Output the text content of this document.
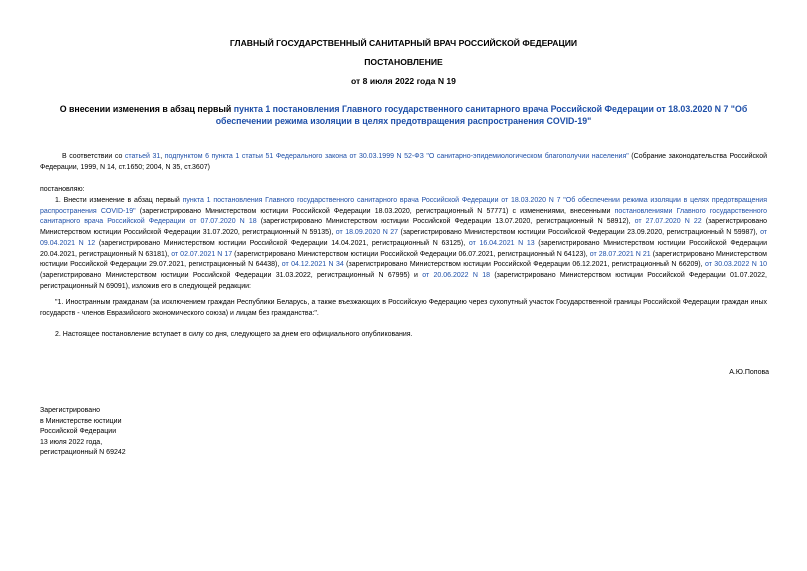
ГЛАВНЫЙ ГОСУДАРСТВЕННЫЙ САНИТАРНЫЙ ВРАЧ РОССИЙСКОЙ ФЕДЕРАЦИИ
ПОСТАНОВЛЕНИЕ
от 8 июля 2022 года N 19
О внесении изменения в абзац первый пункта 1 постановления Главного государственного санитарного врача Российской Федерации от 18.03.2020 N 7 "Об обеспечении режима изоляции в целях предотвращения распространения COVID-19"
В соответствии со статьей 31, подпунктом 6 пункта 1 статьи 51 Федерального закона от 30.03.1999 N 52-ФЗ "О санитарно-эпидемиологическом благополучии населения" (Собрание законодательства Российской Федерации, 1999, N 14, ст.1650; 2004, N 35, ст.3607)
постановляю:
1. Внести изменение в абзац первый пункта 1 постановления Главного государственного санитарного врача Российской Федерации от 18.03.2020 N 7 "Об обеспечении режима изоляции в целях предотвращения распространения COVID-19" (зарегистрировано Министерством юстиции Российской Федерации 18.03.2020, регистрационный N 57771) с изменениями, внесенными постановлениями Главного государственного санитарного врача Российской Федерации от 07.07.2020 N 18 (зарегистрировано Министерством юстиции Российской Федерации 13.07.2020, регистрационный N 58912), от 27.07.2020 N 22 (зарегистрировано Министерством юстиции Российской Федерации 31.07.2020, регистрационный N 59135), от 18.09.2020 N 27 (зарегистрировано Министерством юстиции Российской Федерации 23.09.2020, регистрационный N 59987), от 09.04.2021 N 12 (зарегистрировано Министерством юстиции Российской Федерации 14.04.2021, регистрационный N 63125), от 16.04.2021 N 13 (зарегистрировано Министерством юстиции Российской Федерации 20.04.2021, регистрационный N 63181), от 02.07.2021 N 17 (зарегистрировано Министерством юстиции Российской Федерации 06.07.2021, регистрационный N 64123), от 28.07.2021 N 21 (зарегистрировано Министерством юстиции Российской Федерации 29.07.2021, регистрационный N 64438), от 04.12.2021 N 34 (зарегистрировано Министерством юстиции Российской Федерации 06.12.2021, регистрационный N 66209), от 30.03.2022 N 10 (зарегистрировано Министерством юстиции Российской Федерации 31.03.2022, регистрационный N 67995) и от 20.06.2022 N 18 (зарегистрировано Министерством юстиции Российской Федерации 01.07.2022, регистрационный N 69091), изложив его в следующей редакции:
"1. Иностранным гражданам (за исключением граждан Республики Беларусь, а также въезжающих в Российскую Федерацию через сухопутный участок Государственной границы Российской Федерации граждан иных государств - членов Евразийского экономического союза) и лицам без гражданства:".
2. Настоящее постановление вступает в силу со дня, следующего за днем его официального опубликования.
А.Ю.Попова
Зарегистрировано
в Министерстве юстиции
Российской Федерации
13 июля 2022 года,
регистрационный N 69242
